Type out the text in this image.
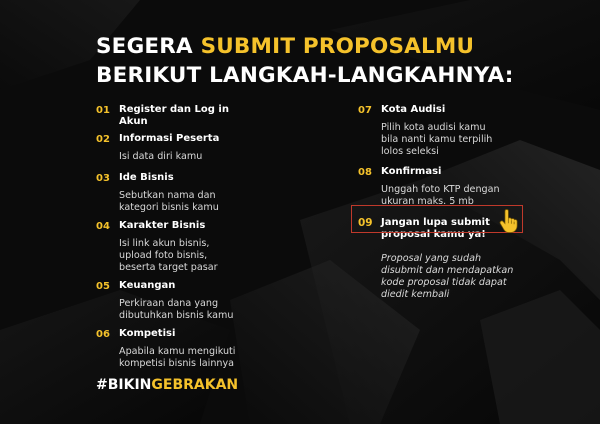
SEGERA SUBMIT PROPOSALMU
BERIKUT LANGKAH-LANGKAHNYA:
01 Register dan Log in Akun
02 Informasi Peserta
Isi data diri kamu
03 Ide Bisnis
Sebutkan nama dan kategori bisnis kamu
04 Karakter Bisnis
Isi link akun bisnis, upload foto bisnis, beserta target pasar
05 Keuangan
Perkiraan dana yang dibutuhkan bisnis kamu
06 Kompetisi
Apabila kamu mengikuti kompetisi bisnis lainnya
07 Kota Audisi
Pilih kota audisi kamu bila nanti kamu terpilih lolos seleksi
08 Konfirmasi
Unggah foto KTP dengan ukuran maks. 5 mb
09 Jangan lupa submit proposal kamu ya!
Proposal yang sudah disubmit dan mendapatkan kode proposal tidak dapat diedit kembali
#BIKINGEBRAKAN
